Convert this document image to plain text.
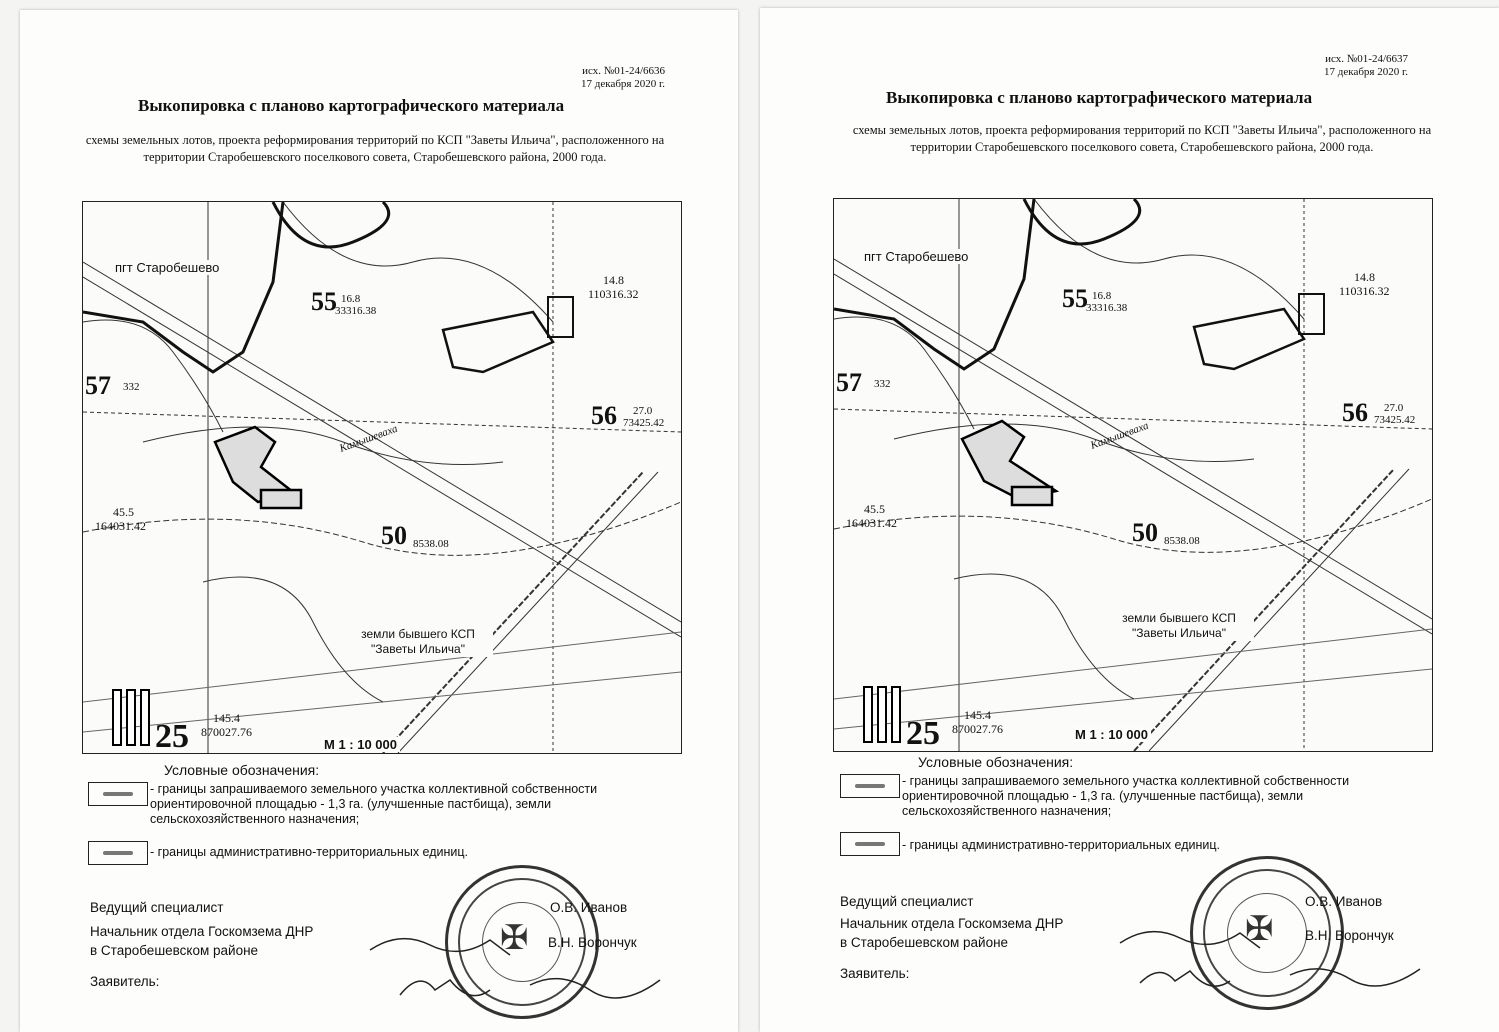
исх. №01-24/6636
17 декабря 2020 г.
Выкопировка с планово картографического материала
схемы земельных лотов, проекта реформирования территорий по КСП "Заветы Ильича", расположенного на территории Старобешевского поселкового совета, Старобешевского района, 2000 года.
55 16.8
33316.38
56 27.0
73425.42
57 332
50 8538.08
14.8
110316.32
45.5
164031.42
25 145.4
870027.76
Камышеваха
пгт Старобешево
земли бывшего КСП
"Заветы Ильича"
М 1 : 10 000
Условные обозначения:
- границы запрашиваемого земельного участка коллективной собственности ориентировочной площадью - 1,3 га. (улучшенные пастбища), земли сельскохозяйственного назначения;
- границы административно-территориальных единиц.
✠
Ведущий специалист	О.В. Иванов
Начальник отдела Госкомзема ДНР
в Старобешевском районе
В.Н. Ворончук
Заявитель:
исх. №01-24/6637
17 декабря 2020 г.
Выкопировка с планово картографического материала
схемы земельных лотов, проекта реформирования территорий по КСП "Заветы Ильича", расположенного на территории Старобешевского поселкового совета, Старобешевского района, 2000 года.
55 16.8
33316.38
56 27.0
73425.42
57 332
50 8538.08
14.8
110316.32
45.5
164031.42
25 145.4
870027.76
Камышеваха
пгт Старобешево
земли бывшего КСП
"Заветы Ильича"
М 1 : 10 000
Условные обозначения:
- границы запрашиваемого земельного участка коллективной собственности ориентировочной площадью - 1,3 га. (улучшенные пастбища), земли сельскохозяйственного назначения;
- границы административно-территориальных единиц.
✠
Ведущий специалист	О.В. Иванов
Начальник отдела Госкомзема ДНР
в Старобешевском районе	В.Н. Ворончук
Заявитель:
